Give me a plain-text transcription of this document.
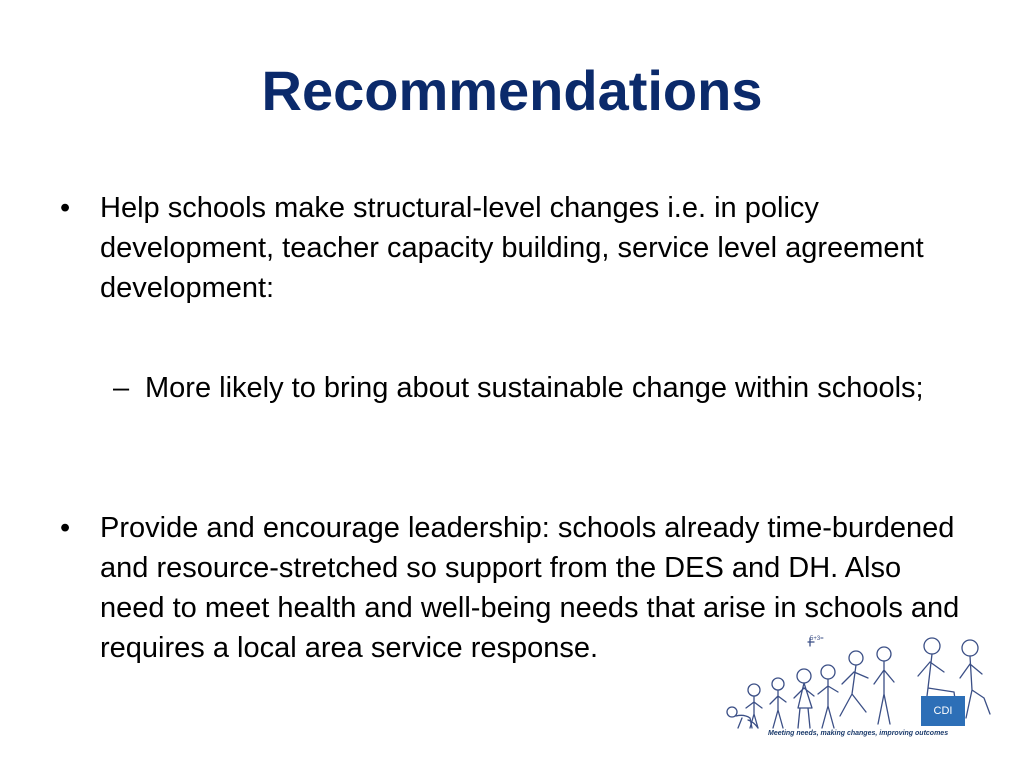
Recommendations
• Help schools make structural-level changes i.e. in policy development, teacher capacity building, service level agreement development:
– More likely to bring about sustainable change within schools;
• Provide and encourage leadership: schools already time-burdened and resource-stretched so support from the DES and DH. Also need to meet health and well-being needs that arise in schools and requires a local area service response.	5+3=
CDI
Meeting needs, making changes, improving outcomes
